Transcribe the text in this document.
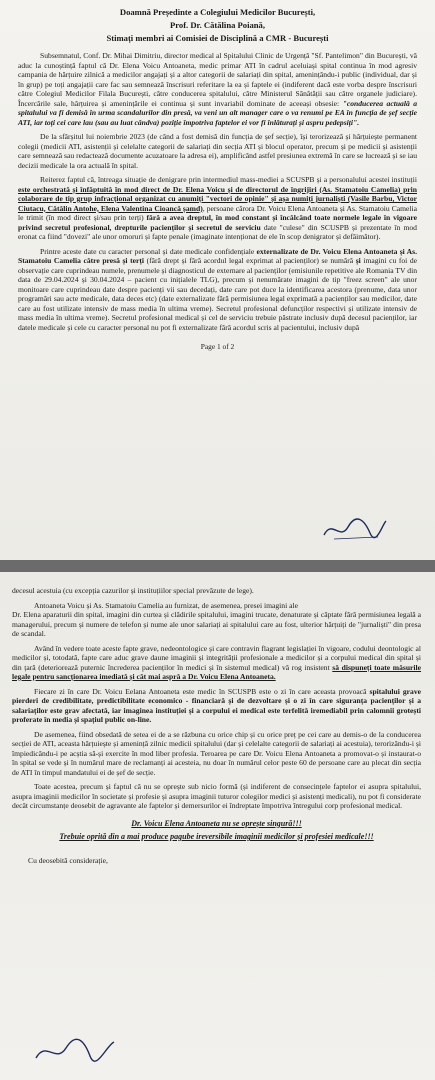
Doamnă Președinte a Colegiului Medicilor București,

Prof. Dr. Cătălina Poiană,

Stimați membri ai Comisiei de Disciplină a CMR - București

Subsemnatul, Conf. Dr. Mihai Dimitriu, director medical al Spitalului Clinic de Urgență "Sf. Pantelimon" din București, vă aduc la cunoștință faptul că Dr. Elena Voicu Antoaneta, medic primar ATI în cadrul aceluiași spital continua în mod agresiv campania de hărțuire zilnică a medicilor angajați și a altor categorii de salariați din spital, amenințându-i public (individual, dar și în grup) pe toți angajații care fac sau semnează înscrisuri referitare la ea și faptele ei (indiferent dacă este vorba despre înscrisuri către Colegiul Medicilor Filala București, către conducerea spitalului, către Ministerul Sănătății sau către organele judiciare). Încercările sale, hărțuirea și amenințările ei continua și sunt invariabil dominate de aceeași obsesie: "conducerea actuală a spitalului va fi demisă în urma scandalurilor din presă, va veni un alt manager care o va renumi pe EA în funcția de șef secție ATI, iar toți cei care lau (sau au luat cândva) poziție împotriva faptelor ei vor fi înlăturați și aspru pedepsiți".

De la sfârșitul lui noiembrie 2023 (de când a fost demisă din funcția de șef secție), își terorizează și hărțuiește permanent colegii (medicii ATI, asistenții și celelalte categorii de salariați din secția ATI și blocul operator, precum și pe medicii și asistenții care semnează sau redactează documente acuzatoare la adresa ei), amplificând astfel presiunea extremă în care se lucrează și se iau decizii medicale la ora actuală în spital.

Reiterez faptul că, întreaga situație de denigrare prin intermediul mass-mediei a SCUSPB și a personalului acestei instituții este orchestrată și înfăptuită în mod direct de Dr. Elena Voicu și de directorul de îngrijiri (As. Stamatoiu Camelia) prin colaborare de tip grup infracțional organizat cu anumiți "vectori de opinie" și așa numiți jurnaliști (Vasile Barbu, Victor Ciutacu, Cătălin Antohe, Elena Valentina Cioancă șamd), persoane cărora Dr. Voicu Elena Antoaneta și As. Stamatoiu Camelia le trimit (în mod direct și/sau prin terți) fără a avea dreptul, în mod constant și încălcând toate normele legale în vigoare privind secretul profesional, drepturile pacienților și secretul de serviciu date "culese" din SCUSPB și prezentate în mod eronat ca fiind "dovezi" ale unor omoruri și fapte penale (imaginate intenționat de ele în scop denigrator și defăimător).

Printre aceste date cu caracter personal și date medicale confidențiale externalizate de Dr. Voicu Elena Antoaneta și As. Stamatoiu Camelia către presă și terți (fără drept și fără acordul legal exprimat al pacienților) se numără și imagini cu foi de observație care cuprindeau numele, prenumele și diagnosticul de externare al pacienților (emisiunile repetitive ale Romania TV din data de 29.04.2024 și 30.04.2024 – pacient cu inițialele TLG), precum și nenumărate imagini de tip "freez screen" ale unor monitoare care cuprindeau date despre pacienți vii sau decedați, date care pot duce la identificarea acestora (prenume, data unor programări sau acte medicale, data deces etc) (date externalizate fără permisiunea legal exprimată a pacienților sau medicilor, date care au fost utilizate intensiv de mass media în ultima vreme). Secretul profesional defuncților respectivi și utilizate intensiv de mass media în ultima vreme). Secretul profesional medical și cel de serviciu trebuie păstrate inclusiv după decesul pacienților, iar datele medicale și cele cu caracter personal nu pot fi externalizate fără acordul scris al pacientului, inclusiv după

Page 1 of 2

decesul acestuia (cu excepția cazurilor și instituțiilor special prevăzute de lege).

Antoaneta Voicu și As. Stamatoiu Camelia au furnizat, de asemenea, presei imagini ale

Dr. Elena aparaturii din spital, imagini din curtea și clădirile spitalului, imagini trucate, denaturate și cāptate fără permisiunea legală a managerului, precum și numere de telefon și nume ale unor salariați ai spitalului care au fost, ulterior hărțuiți de "jurnaliști" din presa de scandal.

Având în vedere toate aceste fapte grave, nedeontologice și care contravin flagrant legislației în vigoare, codului deontologic al medicilor și, totodată, fapte care aduc grave daune imaginii și integrității profesionale a medicilor și a corpului medical din spital și din țară (deteriorează puternic încrederea pacienților în medici și în sistemul medical) vă rog insistent să dispuneți toate măsurile legale pentru sancționarea imediată și cât mai aspră a Dr. Voicu Elena Antoaneta.

Fiecare zi în care Dr. Voicu Eelana Antoaneta este medic în SCUSPB este o zi în care aceasta provoacă spitalului grave pierderi de credibilitate, predictibilitate economico - financiară și de dezvoltare și o zi în care siguranța pacienților și a salariaților este grav afectată, iar imaginea instituției și a corpului ei medical este terfelită iremediabil prin calomnii grotești proferate în media și spațiul public on-line.

De asemenea, fiind obsedată de setea ei de a se răzbuna cu orice chip și cu orice preț pe cei care au demis-o de la conducerea secției de ATI, aceasta hărțuiește și amenință zilnic medicii spitalului (dar și celelalte categorii de salariați ai acestuia), terorizându-i și împiedicându-i pe acștia să-și exercite în mod liber profesia. Teroarea pe care Dr. Voicu Elena Antoaneta a promovat-o și instaurat-o în spital se vede și în numărul mare de reclamanți ai acesteia, nu doar în numărul celor peste 60 de persoane care au plecat din secția de ATI în timpul mandatului ei de șef de secție.

Toate acestea, precum și faptul că nu se oprește sub nicio formă (și indiferent de consecințele faptelor ei asupra spitalului, asupra imaginii medicilor în societate și profesie și asupra imaginii tuturor colegilor medici și asistenți medicali), nu pot fi considerate decât circumstanțe deosebit de agravante ale faptelor și demersurilor ei îndreptate împotriva întregului corp profesional medical.

Dr. Voicu Elena Antoaneta nu se oprește singură!!!

Trebuie oprită din a mai produce pagube ireversibile imaginii medicilor și profesiei medicale!!!

Cu deosebită considerație,
